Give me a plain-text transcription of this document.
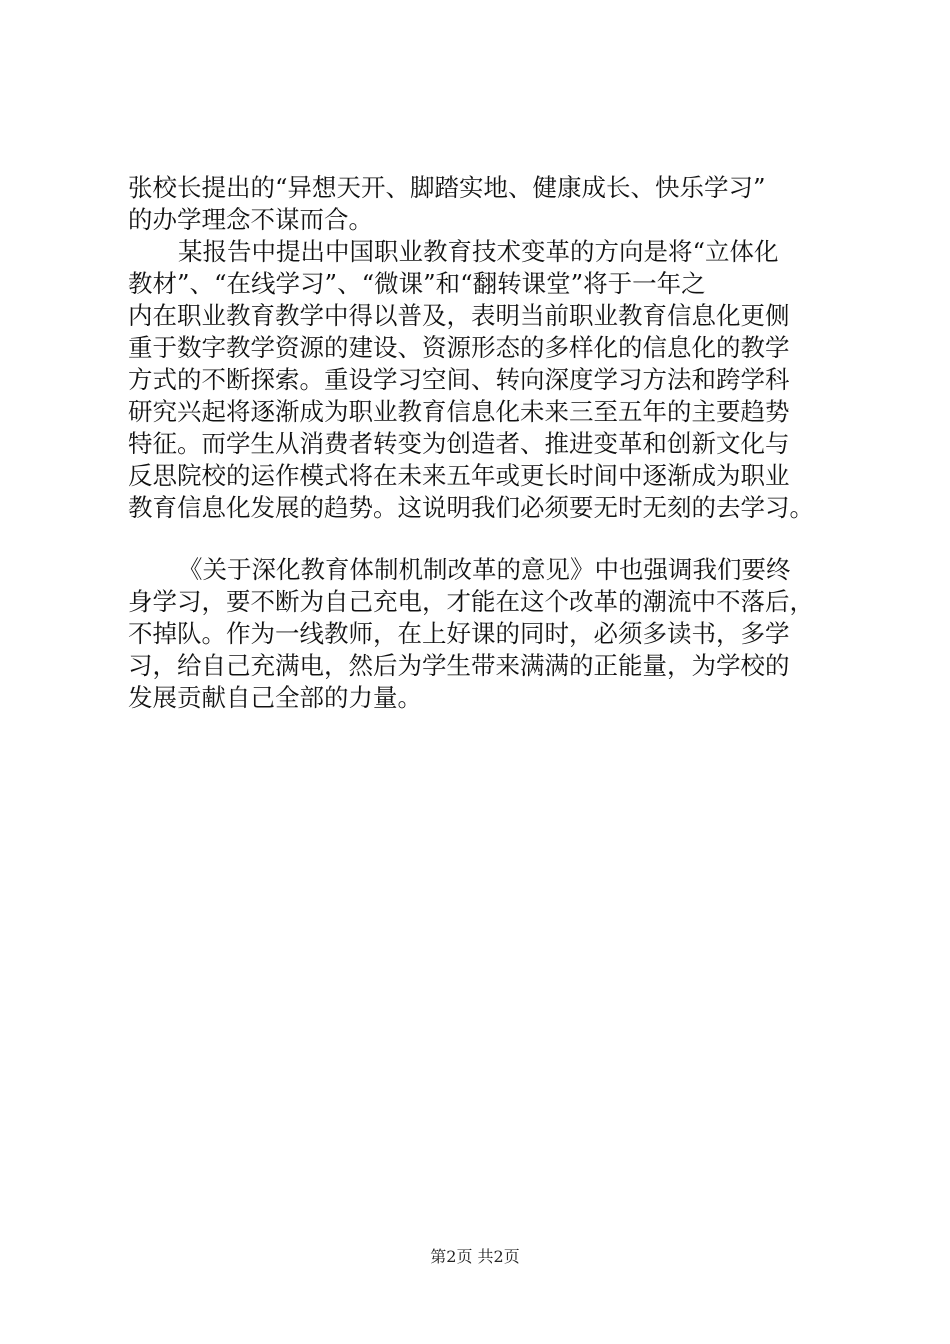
张校长提出的“异想天开、脚踏实地、健康成长、快乐学习”
的办学理念不谋而合。

某报告中提出中国职业教育技术变革的方向是将“立体化
教材”、“在线学习”、“微课”和“翻转课堂”将于一年之
内在职业教育教学中得以普及，表明当前职业教育信息化更侧
重于数字教学资源的建设、资源形态的多样化的信息化的教学
方式的不断探索。重设学习空间、转向深度学习方法和跨学科
研究兴起将逐渐成为职业教育信息化未来三至五年的主要趋势
特征。而学生从消费者转变为创造者、推进变革和创新文化与
反思院校的运作模式将在未来五年或更长时间中逐渐成为职业
教育信息化发展的趋势。这说明我们必须要无时无刻的去学习。

《关于深化教育体制机制改革的意见》中也强调我们要终
身学习，要不断为自己充电，才能在这个改革的潮流中不落后，
不掉队。作为一线教师，在上好课的同时，必须多读书，多学
习，给自己充满电，然后为学生带来满满的正能量，为学校的
发展贡献自己全部的力量。

第2页 共2页
